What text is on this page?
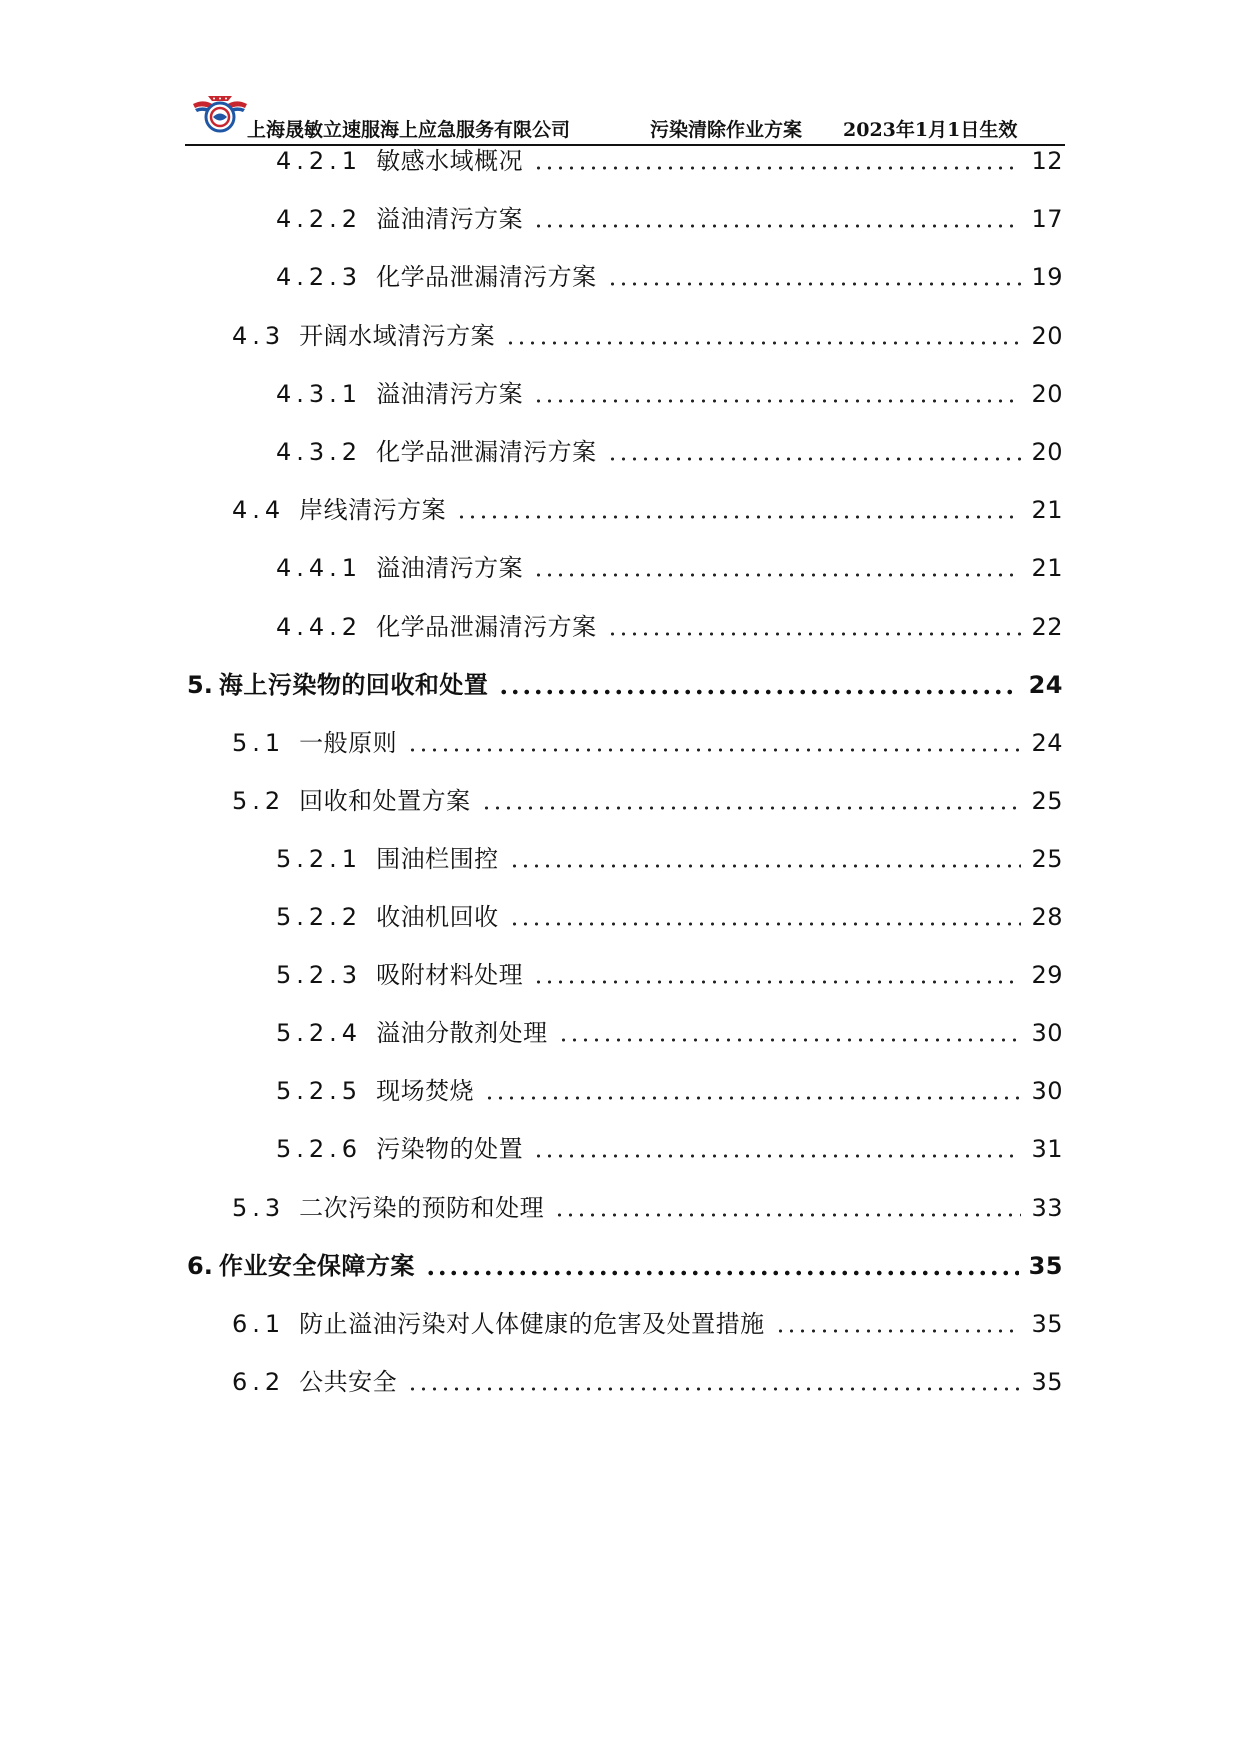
上海晟敏立速服海上应急服务有限公司	污染清除作业方案 2023年1月1日生效
4.2.1 敏感水域概况	12
4.2.2 溢油清污方案	17
4.2.3 化学品泄漏清污方案	19
4.3 开阔水域清污方案	20
4.3.1 溢油清污方案	20
4.3.2 化学品泄漏清污方案	20
4.4 岸线清污方案	21
4.4.1 溢油清污方案	21
4.4.2 化学品泄漏清污方案	22
5. 海上污染物的回收和处置	24
5.1 一般原则	24
5.2 回收和处置方案	25
5.2.1 围油栏围控	25
5.2.2 收油机回收	28
5.2.3 吸附材料处理	29
5.2.4 溢油分散剂处理	30
5.2.5 现场焚烧	30
5.2.6 污染物的处置	31
5.3 二次污染的预防和处理	33
6. 作业安全保障方案	35
6.1 防止溢油污染对人体健康的危害及处置措施	35
6.2 公共安全	35
